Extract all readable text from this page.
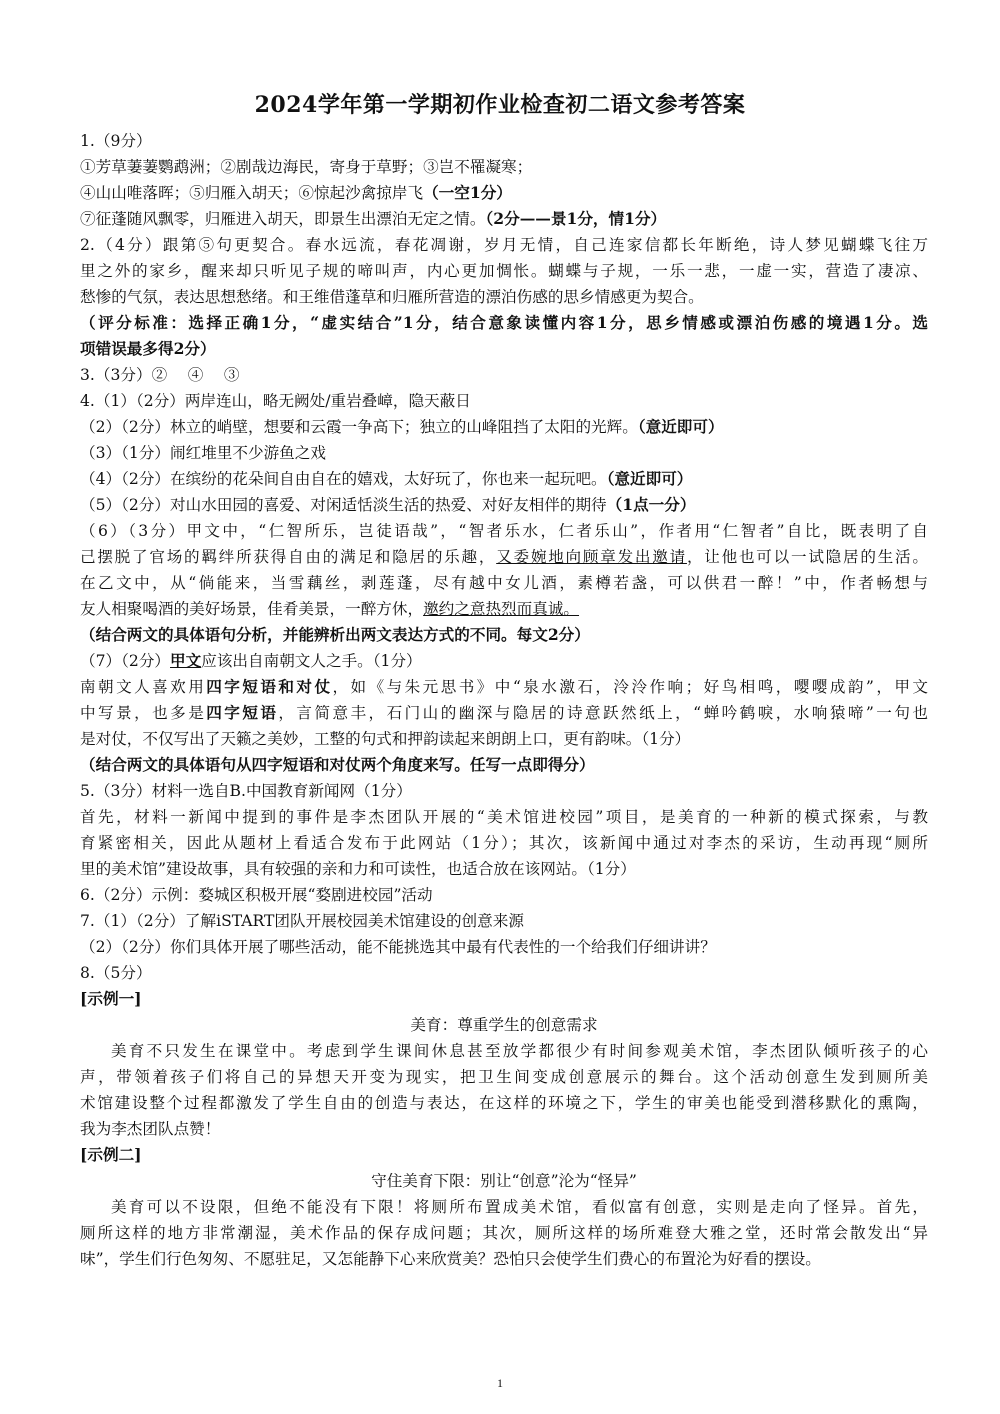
2024学年第一学期初作业检查初二语文参考答案
1.（9分）
①芳草萋萋鹦鹉洲；②剧哉边海民，寄身于草野；③岂不罹凝寒；
④山山唯落晖；⑤归雁入胡天；⑥惊起沙禽掠岸飞（一空1分）
⑦征蓬随风飘零，归雁进入胡天，即景生出漂泊无定之情。（2分——景1分，情1分）
2.（4分）跟第⑤句更契合。春水远流，春花凋谢，岁月无情，自己连家信都长年断绝，诗人梦见蝴蝶飞往万
里之外的家乡，醒来却只听见子规的啼叫声，内心更加惆怅。蝴蝶与子规，一乐一悲，一虚一实，营造了凄凉、
愁惨的气氛，表达思想愁绪。和王维借蓬草和归雁所营造的漂泊伤感的思乡情感更为契合。
（评分标准：选择正确1分，“虚实结合”1分，结合意象读懂内容1分，思乡情感或漂泊伤感的境遇1分。选
项错误最多得2分）
3.（3分）②　 ④　 ③
4.（1）（2分）两岸连山，略无阙处/重岩叠嶂，隐天蔽日
（2）（2分）林立的峭壁，想要和云霞一争高下；独立的山峰阻挡了太阳的光辉。（意近即可）
（3）（1分）闹红堆里不少游鱼之戏
（4）（2分）在缤纷的花朵间自由自在的嬉戏，太好玩了，你也来一起玩吧。（意近即可）
（5）（2分）对山水田园的喜爱、对闲适恬淡生活的热爱、对好友相伴的期待（1点一分）
（6）（3分）甲文中，“仁智所乐，岂徒语哉”，“智者乐水，仁者乐山”，作者用“仁智者”自比，既表明了自
己摆脱了官场的羁绊所获得自由的满足和隐居的乐趣，又委婉地向顾章发出邀请，让他也可以一试隐居的生活。
在乙文中，从“倘能来，当雪藕丝，剥莲蓬，尽有越中女儿酒，素樽若盏，可以供君一醉！”中，作者畅想与
友人相聚喝酒的美好场景，佳肴美景，一醉方休，邀约之意热烈而真诚。
（结合两文的具体语句分析，并能辨析出两文表达方式的不同。每文2分）
（7）（2分）甲文应该出自南朝文人之手。（1分）
南朝文人喜欢用四字短语和对仗，如《与朱元思书》中“泉水激石，泠泠作响；好鸟相鸣，嘤嘤成韵”，甲文
中写景，也多是四字短语，言简意丰，石门山的幽深与隐居的诗意跃然纸上，“蝉吟鹤唳，水响猿啼”一句也
是对仗，不仅写出了天籁之美妙，工整的句式和押韵读起来朗朗上口，更有韵味。（1分）
（结合两文的具体语句从四字短语和对仗两个角度来写。任写一点即得分）
5.（3分）材料一选自B.中国教育新闻网（1分）
首先，材料一新闻中提到的事件是李杰团队开展的“美术馆进校园”项目，是美育的一种新的模式探索，与教
育紧密相关，因此从题材上看适合发布于此网站（1分）；其次，该新闻中通过对李杰的采访，生动再现“厕所
里的美术馆”建设故事，具有较强的亲和力和可读性，也适合放在该网站。（1分）
6.（2分）示例：婺城区积极开展“婺剧进校园”活动
7.（1）（2分）了解iSTART团队开展校园美术馆建设的创意来源
（2）（2分）你们具体开展了哪些活动，能不能挑选其中最有代表性的一个给我们仔细讲讲？
8.（5分）
[示例一]
美育：尊重学生的创意需求
美育不只发生在课堂中。考虑到学生课间休息甚至放学都很少有时间参观美术馆，李杰团队倾听孩子的心
声，带领着孩子们将自己的异想天开变为现实，把卫生间变成创意展示的舞台。这个活动创意生发到厕所美
术馆建设整个过程都激发了学生自由的创造与表达，在这样的环境之下，学生的审美也能受到潜移默化的熏陶，
我为李杰团队点赞！
[示例二]
守住美育下限：别让“创意”沦为“怪异”
美育可以不设限，但绝不能没有下限！将厕所布置成美术馆，看似富有创意，实则是走向了怪异。首先，
厕所这样的地方非常潮湿，美术作品的保存成问题；其次，厕所这样的场所难登大雅之堂，还时常会散发出“异
味”，学生们行色匆匆、不愿驻足，又怎能静下心来欣赏美？恐怕只会使学生们费心的布置沦为好看的摆设。
1
